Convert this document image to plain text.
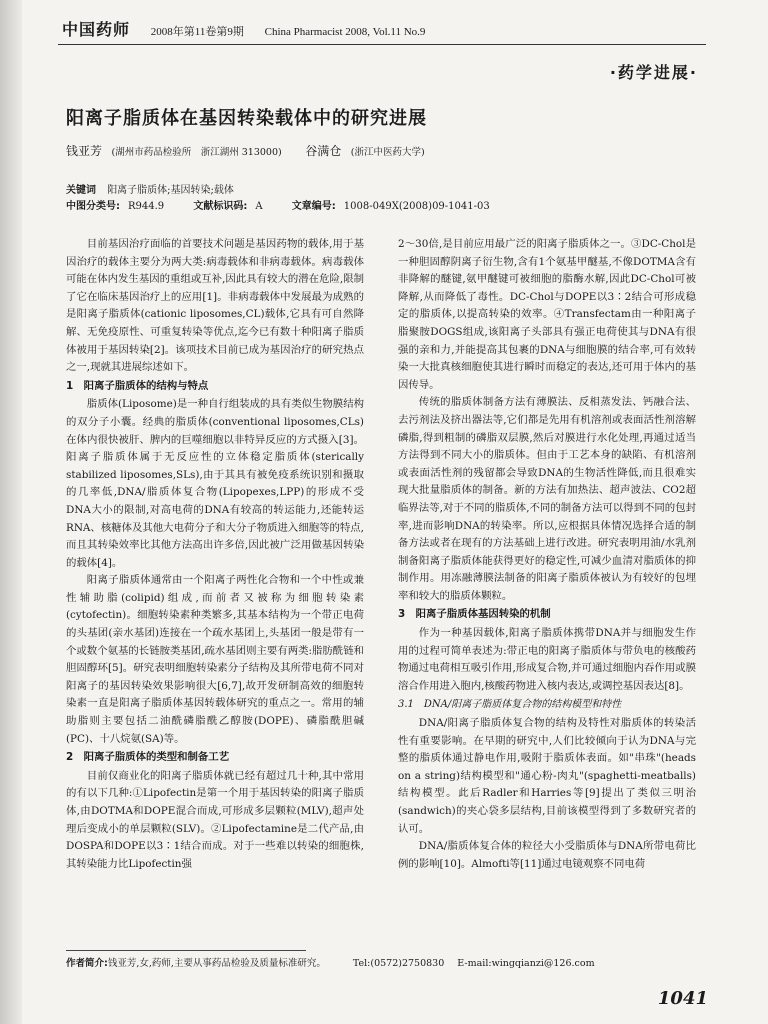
中国药师 2008年第11卷第9期 China Pharmacist 2008, Vol.11 No.9
·药学进展·
阳离子脂质体在基因转染载体中的研究进展
钱亚芳 (湖州市药品检验所　浙江湖州 313000) 谷满仓 (浙江中医药大学)
关键词 阳离子脂质体;基因转染;载体
中图分类号: R944.9	文献标识码: A	文章编号: 1008-049X(2008)09-1041-03

目前基因治疗面临的首要技术问题是基因药物的载体,用于基因治疗的载体主要分为两大类:病毒载体和非病毒载体。病毒载体可能在体内发生基因的重组或互补,因此具有较大的潜在危险,限制了它在临床基因治疗上的应用[1]。非病毒载体中发展最为成熟的是阳离子脂质体(cationic liposomes,CL)载体,它具有可自然降解、无免疫原性、可重复转染等优点,迄今已有数十种阳离子脂质体被用于基因转染[2]。该项技术目前已成为基因治疗的研究热点之一,现就其进展综述如下。

1　阳离子脂质体的结构与特点

脂质体(Liposome)是一种自行组装成的具有类似生物膜结构的双分子小囊。经典的脂质体(conventional liposomes,CLs)在体内很快被肝、脾内的巨噬细胞以非特异反应的方式摄入[3]。阳离子脂质体属于无反应性的立体稳定脂质体(sterically stabilized liposomes,SLs),由于其具有被免疫系统识别和摄取的几率低,DNA/脂质体复合物(Lipopexes,LPP)的形成不受DNA大小的限制,对高电荷的DNA有较高的转运能力,还能转运RNA、核糖体及其他大电荷分子和大分子物质进入细胞等的特点,而且其转染效率比其他方法高出许多倍,因此被广泛用做基因转染的载体[4]。

阳离子脂质体通常由一个阳离子两性化合物和一个中性或兼性辅助脂(colipid)组成,而前者又被称为细胞转染素(cytofectin)。细胞转染素种类繁多,其基本结构为一个带正电荷的头基团(亲水基团)连接在一个疏水基团上,头基团一般是带有一个或数个氨基的长链胺类基团,疏水基团则主要有两类:脂肪酰链和胆固醇环[5]。研究表明细胞转染素分子结构及其所带电荷不同对阳离子的基因转染效果影响很大[6,7],故开发研制高效的细胞转染素一直是阳离子脂质体基因转载体研究的重点之一。常用的辅助脂则主要包括二油酰磷脂酰乙醇胺(DOPE)、磷脂酰胆碱(PC)、十八烷氨(SA)等。

2　阳离子脂质体的类型和制备工艺

目前仅商业化的阳离子脂质体就已经有超过几十种,其中常用的有以下几种:①Lipofectin是第一个用于基因转染的阳离子脂质体,由DOTMA和DOPE混合而成,可形成多层颗粒(MLV),超声处理后变成小的单层颗粒(SLV)。②Lipofectamine是二代产品,由DOSPA和DOPE以3∶1结合而成。对于一些难以转染的细胞株,其转染能力比Lipofectin强

2～30倍,是目前应用最广泛的阳离子脂质体之一。③DC-Chol是一种胆固醇阴离子衍生物,含有1个氨基甲醚基,不像DOTMA含有非降解的醚键,氨甲醚键可被细胞的脂酶水解,因此DC-Chol可被降解,从而降低了毒性。DC-Chol与DOPE以3∶2结合可形成稳定的脂质体,以提高转染的效率。④Transfectam由一种阳离子脂聚胺DOGS组成,该阳离子头部具有强正电荷使其与DNA有很强的亲和力,并能提高其包裹的DNA与细胞膜的结合率,可有效转染一大批真核细胞使其进行瞬时而稳定的表达,还可用于体内的基因传导。

传统的脂质体制备方法有薄膜法、反相蒸发法、钙融合法、去污剂法及挤出器法等,它们都是先用有机溶剂或表面活性剂溶解磷脂,得到粗制的磷脂双层膜,然后对膜进行水化处理,再通过适当方法得到不同大小的脂质体。但由于工艺本身的缺陷、有机溶剂或表面活性剂的残留都会导致DNA的生物活性降低,而且很难实现大批量脂质体的制备。新的方法有加热法、超声波法、CO2超临界法等,对于不同的脂质体,不同的制备方法可以得到不同的包封率,进而影响DNA的转染率。所以,应根据具体情况选择合适的制备方法或者在现有的方法基础上进行改进。研究表明用油/水乳剂制备阳离子脂质体能获得更好的稳定性,可减少血清对脂质体的抑制作用。用冻融薄膜法制备的阳离子脂质体被认为有较好的包埋率和较大的脂质体颗粒。

3　阳离子脂质体基因转染的机制

作为一种基因载体,阳离子脂质体携带DNA并与细胞发生作用的过程可简单表述为:带正电的阳离子脂质体与带负电的核酸药物通过电荷相互吸引作用,形成复合物,并可通过细胞内吞作用或膜溶合作用进入胞内,核酸药物进入核内表达,或调控基因表达[8]。

3.1　DNA/阳离子脂质体复合物的结构模型和特性

DNA/阳离子脂质体复合物的结构及特性对脂质体的转染活性有重要影响。在早期的研究中,人们比较倾向于认为DNA与完整的脂质体通过静电作用,吸附于脂质体表面。如"串珠"(heads on a string)结构模型和"通心粉-肉丸"(spaghetti-meatballs)结构模型。此后Radler和Harries等[9]提出了类似三明治(sandwich)的夹心袋多层结构,目前该模型得到了多数研究者的认可。

DNA/脂质体复合体的粒径大小受脂质体与DNA所带电荷比例的影响[10]。Almofti等[11]通过电镜观察不同电荷

作者简介:钱亚芳,女,药师,主要从事药品检验及质量标准研究。	Tel:(0572)2750830 E-mail:wingqianzi@126.com
1041
